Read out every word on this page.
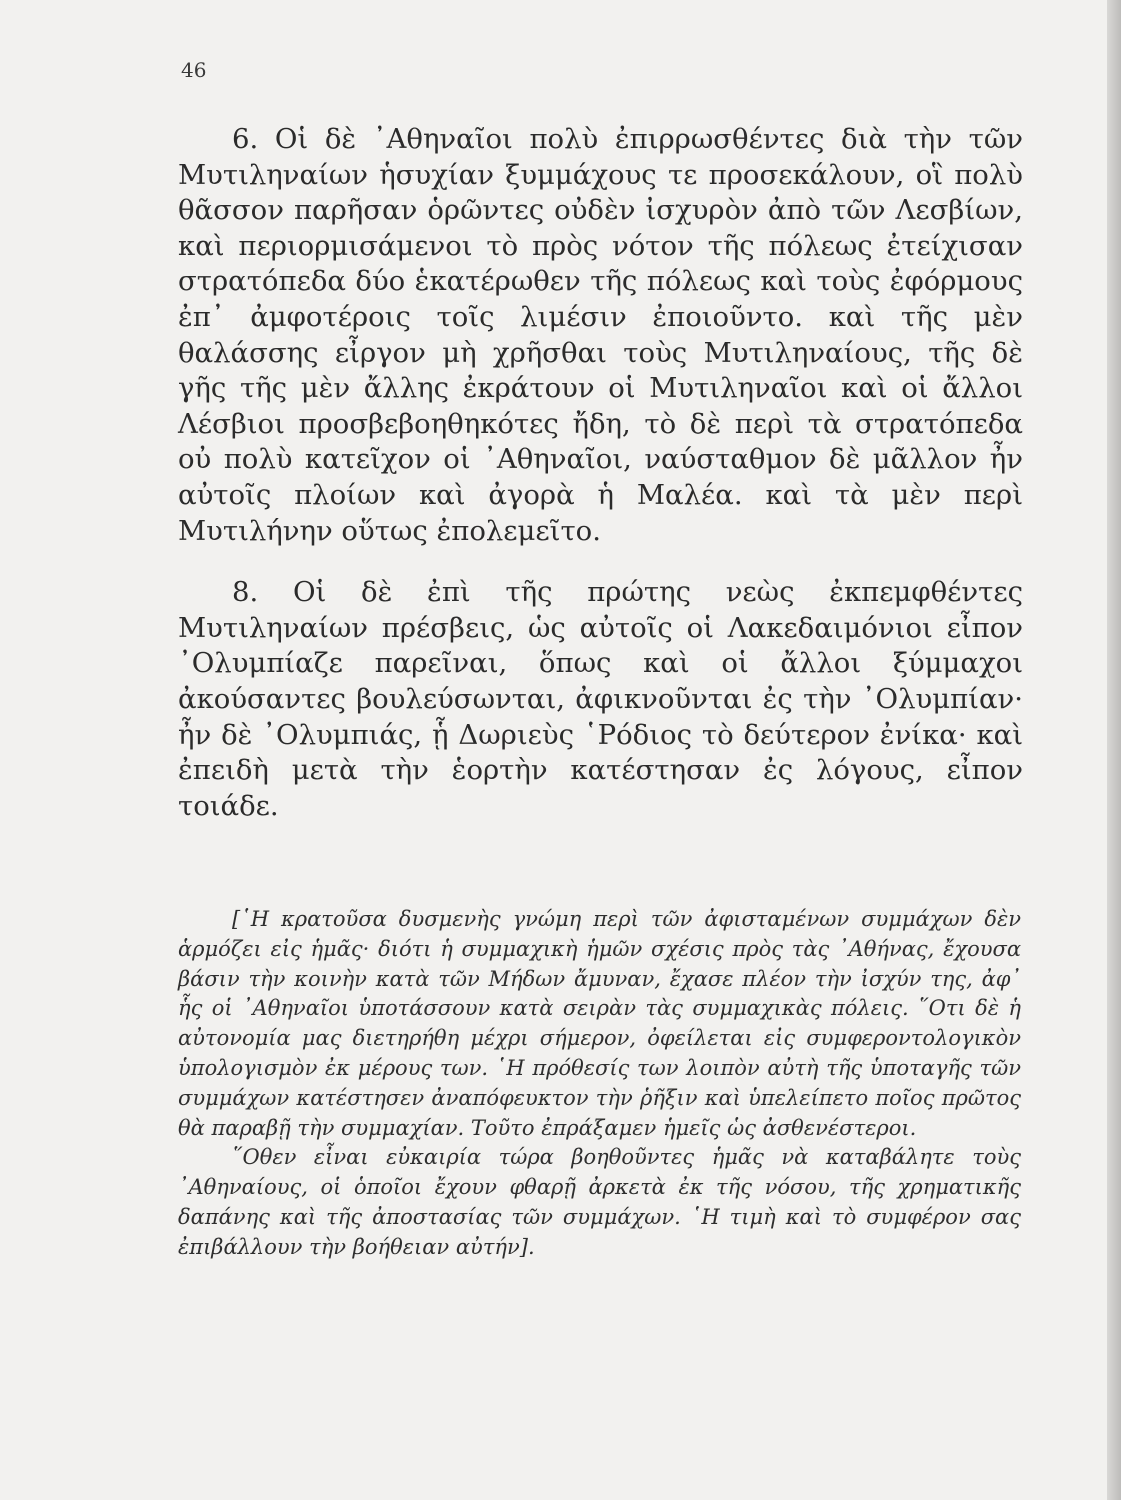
46

6. Οἱ δὲ ᾿Αθηναῖοι πολὺ ἐπιρρωσθέντες διὰ τὴν τῶν Μυτιληναίων ἡσυχίαν ξυμμάχους τε προσεκάλουν, οἳ πολὺ θᾶσσον παρῆσαν ὁρῶντες οὐδὲν ἰσχυρὸν ἀπὸ τῶν Λεσβίων, καὶ περιορμισάμενοι τὸ πρὸς νότον τῆς πόλεως ἐτείχισαν στρατόπεδα δύο ἑκατέρωθεν τῆς πόλεως καὶ τοὺς ἐφόρμους ἐπ᾿ ἀμφοτέροις τοῖς λιμέσιν ἐποιοῦντο. καὶ τῆς μὲν θαλάσσης εἶργον μὴ χρῆσθαι τοὺς Μυτιληναίους, τῆς δὲ γῆς τῆς μὲν ἄλλης ἐκράτουν οἱ Μυτιληναῖοι καὶ οἱ ἄλλοι Λέσβιοι προσβεβοηθηκότες ἤδη, τὸ δὲ περὶ τὰ στρατόπεδα οὐ πολὺ κατεῖχον οἱ ᾿Αθηναῖοι, ναύσταθμον δὲ μᾶλλον ἦν αὐτοῖς πλοίων καὶ ἀγορὰ ἡ Μαλέα. καὶ τὰ μὲν περὶ Μυτιλήνην οὕτως ἐπολεμεῖτο.

8. Οἱ δὲ ἐπὶ τῆς πρώτης νεὼς ἐκπεμφθέντες Μυτιληναίων πρέσβεις, ὡς αὐτοῖς οἱ Λακεδαιμόνιοι εἶπον ᾿Ολυμπίαζε παρεῖναι, ὅπως καὶ οἱ ἄλλοι ξύμμαχοι ἀκούσαντες βουλεύσωνται, ἀφικνοῦνται ἐς τὴν ᾿Ολυμπίαν· ἦν δὲ ᾿Ολυμπιάς, ᾗ Δωριεὺς ῾Ρόδιος τὸ δεύτερον ἐνίκα· καὶ ἐπειδὴ μετὰ τὴν ἑορτὴν κατέστησαν ἐς λόγους, εἶπον τοιάδε.

[῾Η κρατοῦσα δυσμενὴς γνώμη περὶ τῶν ἀφισταμένων συμμάχων δὲν ἁρμόζει εἰς ἡμᾶς· διότι ἡ συμμαχικὴ ἡμῶν σχέσις πρὸς τὰς ᾿Αθήνας, ἔχουσα βάσιν τὴν κοινὴν κατὰ τῶν Μήδων ἄμυναν, ἔχασε πλέον τὴν ἰσχύν της, ἀφ᾿ ἧς οἱ ᾿Αθηναῖοι ὑποτάσσουν κατὰ σειρὰν τὰς συμμαχικὰς πόλεις. ῞Οτι δὲ ἡ αὐτονομία μας διετηρήθη μέχρι σήμερον, ὀφείλεται εἰς συμφεροντολογικὸν ὑπολογισμὸν ἐκ μέρους των. ῾Η πρόθεσίς των λοιπὸν αὐτὴ τῆς ὑποταγῆς τῶν συμμάχων κατέστησεν ἀναπόφευκτον τὴν ῥῆξιν καὶ ὑπελείπετο ποῖος πρῶτος θὰ παραβῇ τὴν συμμαχίαν. Τοῦτο ἐπράξαμεν ἡμεῖς ὡς ἀσθενέστεροι.

῞Οθεν εἶναι εὐκαιρία τώρα βοηθοῦντες ἡμᾶς νὰ καταβάλητε τοὺς ᾿Αθηναίους, οἱ ὁποῖοι ἔχουν φθαρῇ ἀρκετὰ ἐκ τῆς νόσου, τῆς χρηματικῆς δαπάνης καὶ τῆς ἀποστασίας τῶν συμμάχων. ῾Η τιμὴ καὶ τὸ συμφέρον σας ἐπιβάλλουν τὴν βοήθειαν αὐτήν].
